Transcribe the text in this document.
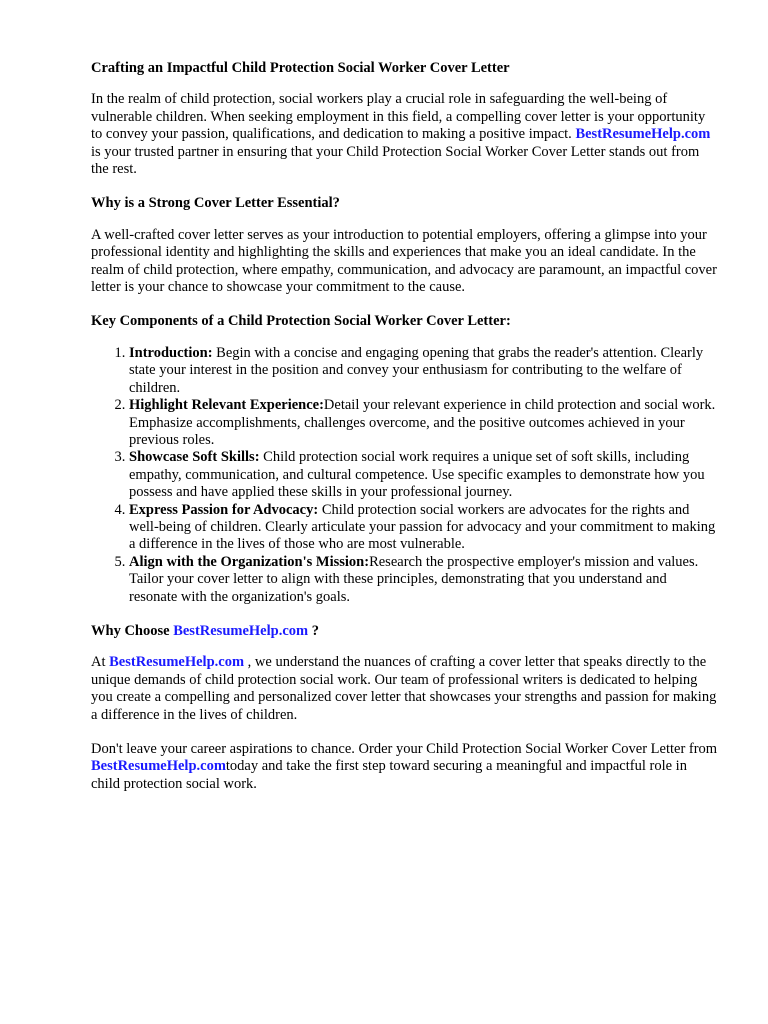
Crafting an Impactful Child Protection Social Worker Cover Letter

In the realm of child protection, social workers play a crucial role in safeguarding the well-being of vulnerable children. When seeking employment in this field, a compelling cover letter is your opportunity to convey your passion, qualifications, and dedication to making a positive impact. BestResumeHelp.com is your trusted partner in ensuring that your Child Protection Social Worker Cover Letter stands out from the rest.

Why is a Strong Cover Letter Essential?

A well-crafted cover letter serves as your introduction to potential employers, offering a glimpse into your professional identity and highlighting the skills and experiences that make you an ideal candidate. In the realm of child protection, where empathy, communication, and advocacy are paramount, an impactful cover letter is your chance to showcase your commitment to the cause.

Key Components of a Child Protection Social Worker Cover Letter:
1. Introduction: Begin with a concise and engaging opening that grabs the reader's attention. Clearly state your interest in the position and convey your enthusiasm for contributing to the welfare of children.
2. Highlight Relevant Experience:Detail your relevant experience in child protection and social work. Emphasize accomplishments, challenges overcome, and the positive outcomes achieved in your previous roles.
3. Showcase Soft Skills: Child protection social work requires a unique set of soft skills, including empathy, communication, and cultural competence. Use specific examples to demonstrate how you possess and have applied these skills in your professional journey.
4. Express Passion for Advocacy: Child protection social workers are advocates for the rights and well-being of children. Clearly articulate your passion for advocacy and your commitment to making a difference in the lives of those who are most vulnerable.
5. Align with the Organization's Mission:Research the prospective employer's mission and values. Tailor your cover letter to align with these principles, demonstrating that you understand and resonate with the organization's goals.
Why Choose BestResumeHelp.com ?

At BestResumeHelp.com , we understand the nuances of crafting a cover letter that speaks directly to the unique demands of child protection social work. Our team of professional writers is dedicated to helping you create a compelling and personalized cover letter that showcases your strengths and passion for making a difference in the lives of children.

Don't leave your career aspirations to chance. Order your Child Protection Social Worker Cover Letter from BestResumeHelp.comtoday and take the first step toward securing a meaningful and impactful role in child protection social work.
